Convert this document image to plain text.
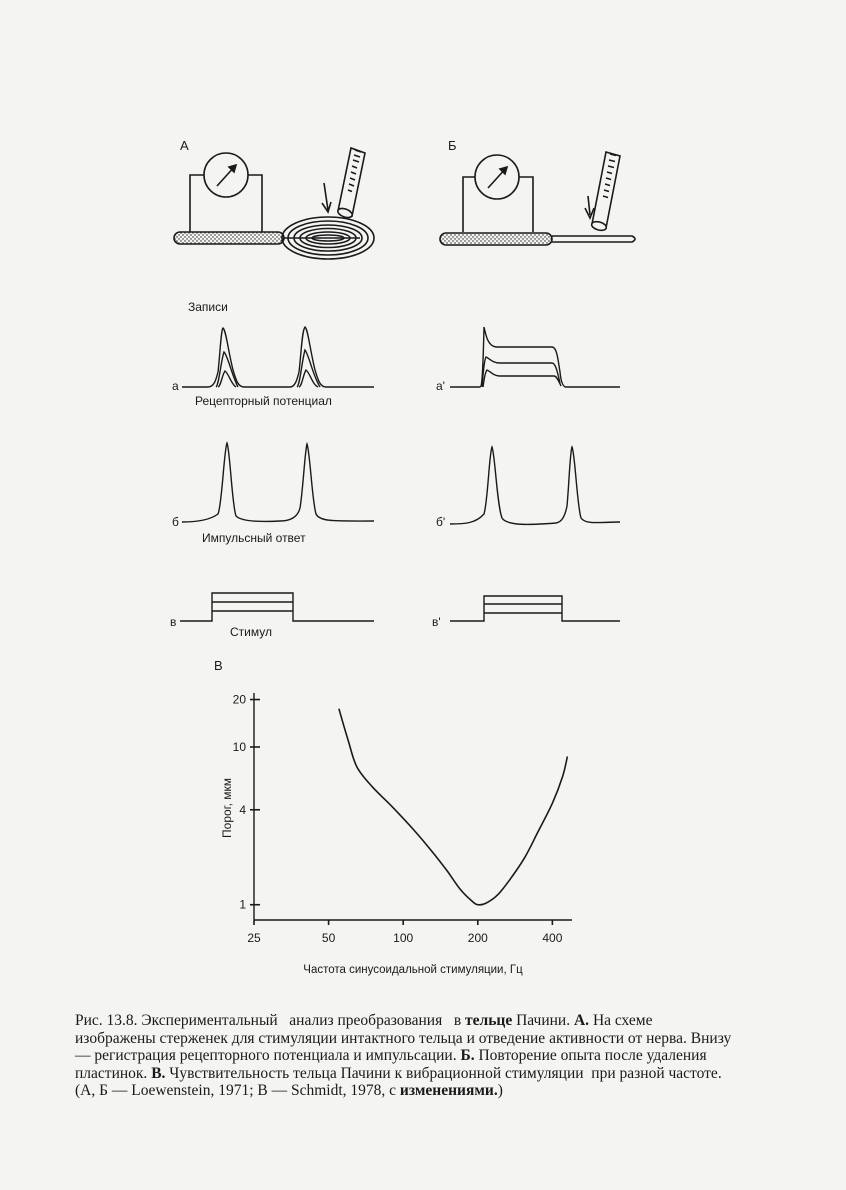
А	Б
Записи
а
Рецепторный потенциал
а'
б
Импульсный ответ
б'
в
Стимул
в'
В
25	50	100	200	400
1
4
10
20
Порог, мкм
Частота синусоидальной стимуляции, Гц

Рис. 13.8. Экспериментальный   анализ преобразования   в тельце Пачини. А. На схеме изображены стерженек для стимуляции интактного тельца и отведение активности от нерва. Внизу — регистрация рецепторного потенциала и импульсации. Б. Повторение опыта после удаления пластинок. В. Чувствительность тельца Пачини к вибрационной стимуляции  при разной частоте. (А, Б — Loewenstein, 1971; В — Schmidt, 1978, с изменениями.)
